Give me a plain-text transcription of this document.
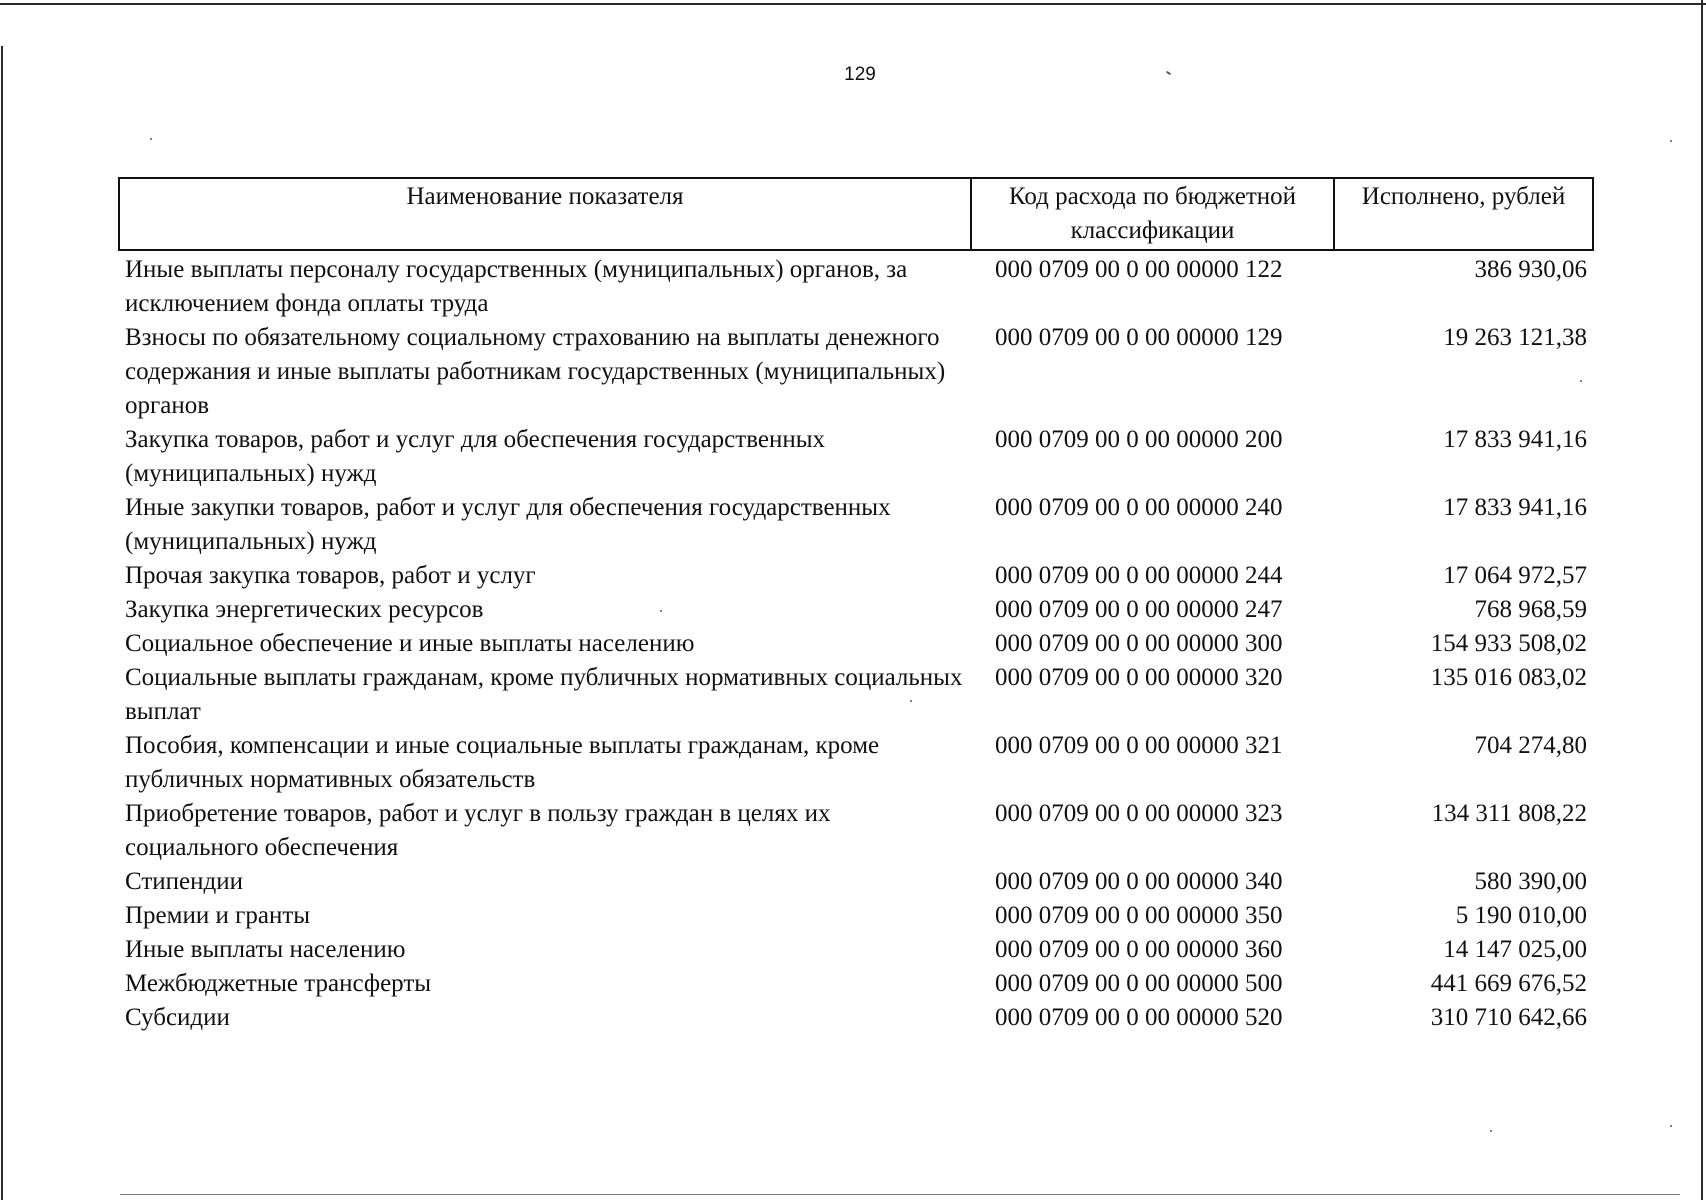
129
Наименование показателя	Код расхода по бюджетной классификации	Исполнено, рублей
Иные выплаты персоналу государственных (муниципальных) органов, за исключением фонда оплаты труда	000 0709 00 0 00 00000 122	386 930,06
Взносы по обязательному социальному страхованию на выплаты денежного содержания и иные выплаты работникам государственных (муниципальных) органов	000 0709 00 0 00 00000 129	19 263 121,38
Закупка товаров, работ и услуг для обеспечения государственных (муниципальных) нужд	000 0709 00 0 00 00000 200	17 833 941,16
Иные закупки товаров, работ и услуг для обеспечения государственных (муниципальных) нужд	000 0709 00 0 00 00000 240	17 833 941,16
Прочая закупка товаров, работ и услуг	000 0709 00 0 00 00000 244	17 064 972,57
Закупка энергетических ресурсов	000 0709 00 0 00 00000 247	768 968,59
Социальное обеспечение и иные выплаты населению	000 0709 00 0 00 00000 300	154 933 508,02
Социальные выплаты гражданам, кроме публичных нормативных социальных выплат	000 0709 00 0 00 00000 320	135 016 083,02
Пособия, компенсации и иные социальные выплаты гражданам, кроме публичных нормативных обязательств	000 0709 00 0 00 00000 321	704 274,80
Приобретение товаров, работ и услуг в пользу граждан в целях их социального обеспечения	000 0709 00 0 00 00000 323	134 311 808,22
Стипендии	000 0709 00 0 00 00000 340	580 390,00
Премии и гранты	000 0709 00 0 00 00000 350	5 190 010,00
Иные выплаты населению	000 0709 00 0 00 00000 360	14 147 025,00
Межбюджетные трансферты	000 0709 00 0 00 00000 500	441 669 676,52
Субсидии	000 0709 00 0 00 00000 520	310 710 642,66
